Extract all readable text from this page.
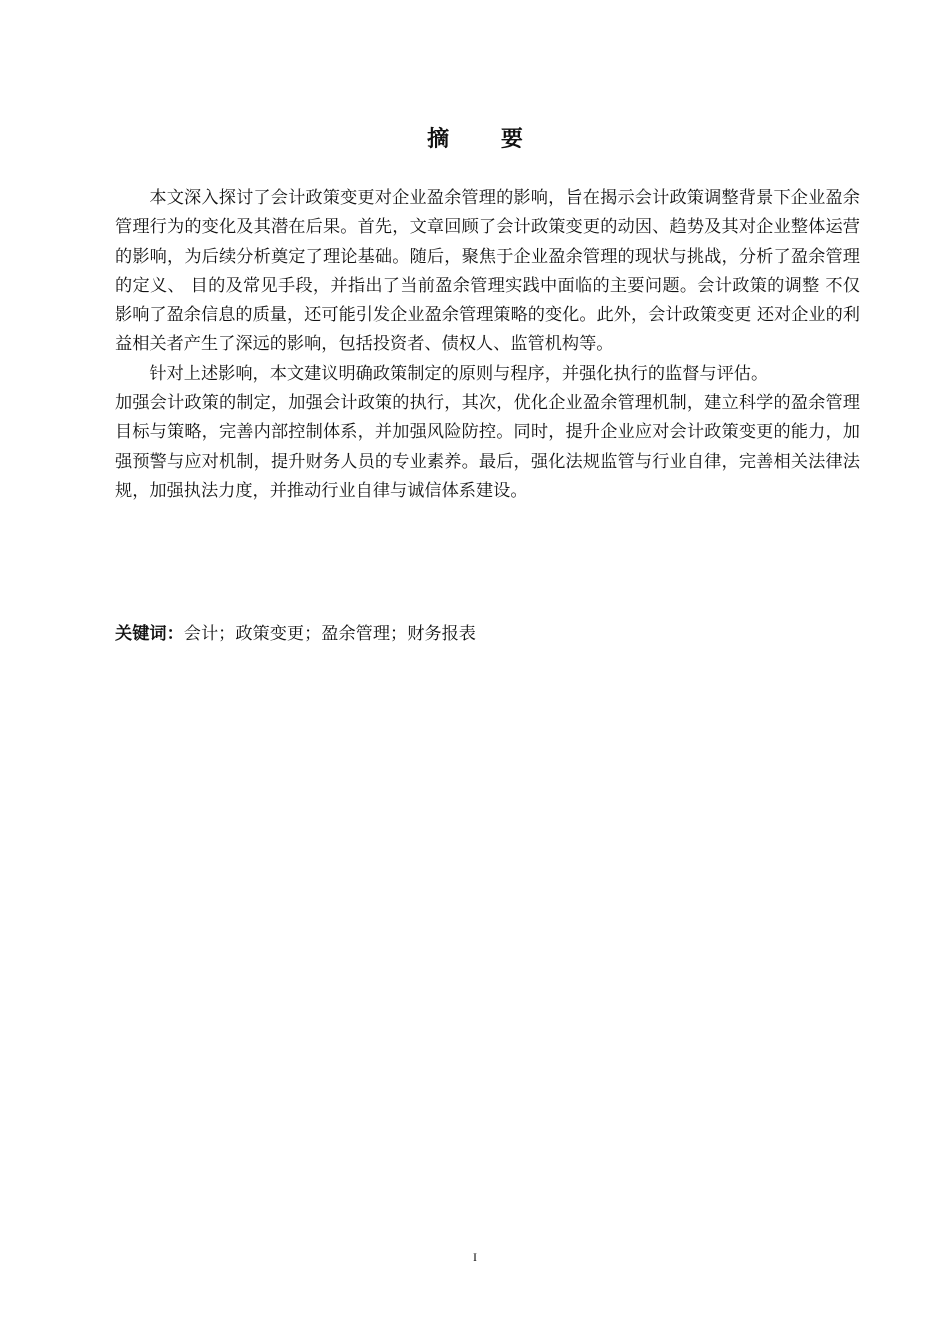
摘 要

本文深入探讨了会计政策变更对企业盈余管理的影响，旨在揭示会计政策调整背景下企业盈余管理行为的变化及其潜在后果。首先，文章回顾了会计政策变更的动因、趋势及其对企业整体运营的影响，为后续分析奠定了理论基础。随后，聚焦于企业盈余管理的现状与挑战，分析了盈余管理的定义、 目的及常见手段，并指出了当前盈余管理实践中面临的主要问题。会计政策的调整 不仅影响了盈余信息的质量，还可能引发企业盈余管理策略的变化。此外，会计政策变更 还对企业的利益相关者产生了深远的影响，包括投资者、债权人、监管机构等。

针对上述影响，本文建议明确政策制定的原则与程序，并强化执行的监督与评估。

加强会计政策的制定，加强会计政策的执行，其次，优化企业盈余管理机制，建立科学的盈余管理目标与策略，完善内部控制体系，并加强风险防控。同时，提升企业应对会计政策变更的能力，加强预警与应对机制，提升财务人员的专业素养。最后，强化法规监管与行业自律，完善相关法律法规，加强执法力度，并推动行业自律与诚信体系建设。

关键词：会计；政策变更；盈余管理；财务报表
I
